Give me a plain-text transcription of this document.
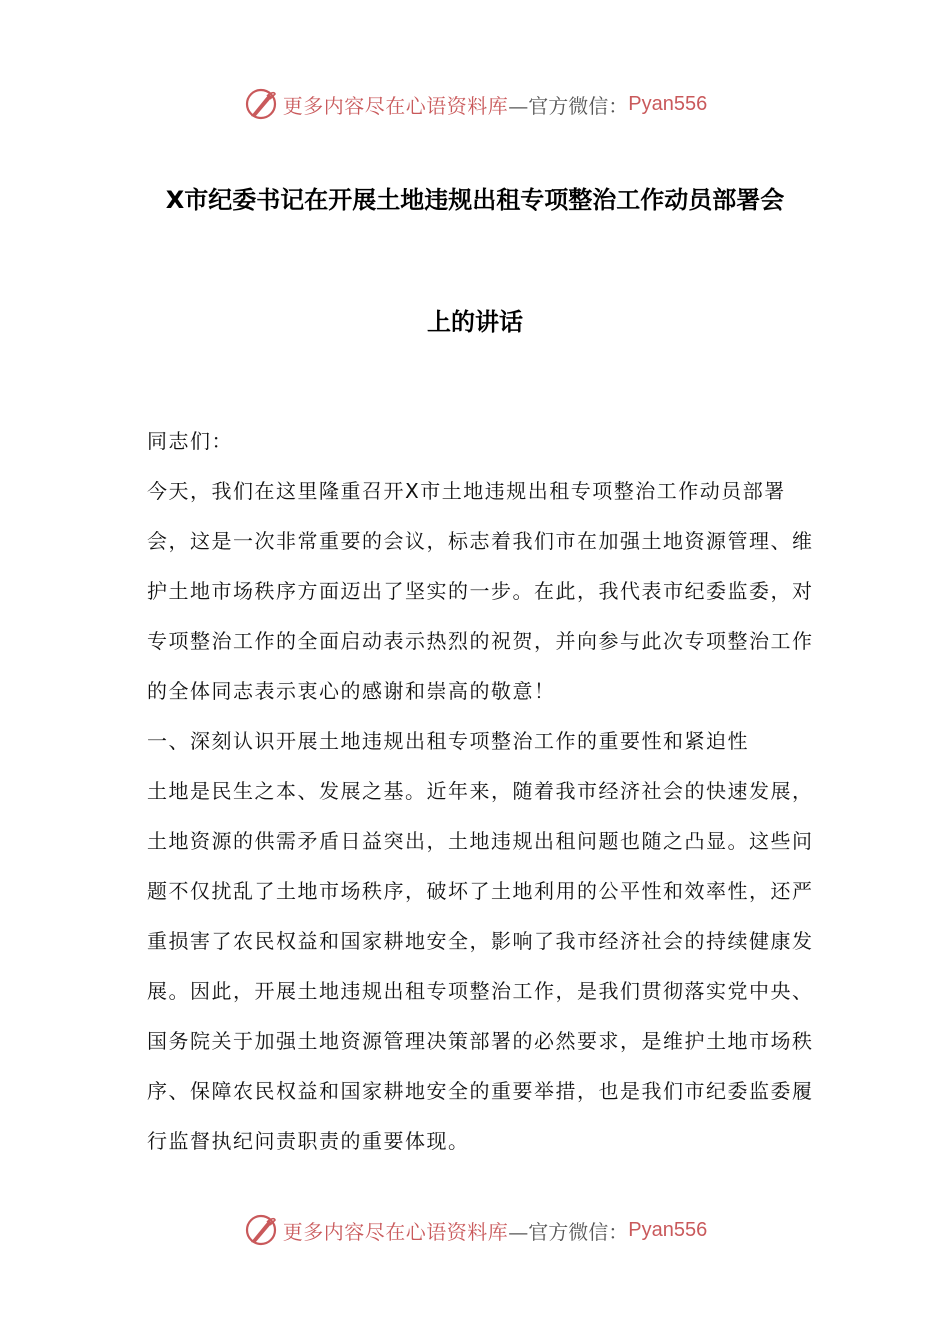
更多内容尽在心语资料库 —官方微信： Pyan556
X市纪委书记在开展土地违规出租专项整治工作动员部署会
上的讲话

同志们：

今天，我们在这里隆重召开X市土地违规出租专项整治工作动员部署会，这是一次非常重要的会议，标志着我们市在加强土地资源管理、维护土地市场秩序方面迈出了坚实的一步。在此，我代表市纪委监委，对专项整治工作的全面启动表示热烈的祝贺，并向参与此次专项整治工作的全体同志表示衷心的感谢和崇高的敬意！

一、深刻认识开展土地违规出租专项整治工作的重要性和紧迫性

土地是民生之本、发展之基。近年来，随着我市经济社会的快速发展，土地资源的供需矛盾日益突出，土地违规出租问题也随之凸显。这些问题不仅扰乱了土地市场秩序，破坏了土地利用的公平性和效率性，还严重损害了农民权益和国家耕地安全，影响了我市经济社会的持续健康发展。因此，开展土地违规出租专项整治工作，是我们贯彻落实党中央、国务院关于加强土地资源管理决策部署的必然要求，是维护土地市场秩序、保障农民权益和国家耕地安全的重要举措，也是我们市纪委监委履行监督执纪问责职责的重要体现。

更多内容尽在心语资料库 —官方微信： Pyan556
